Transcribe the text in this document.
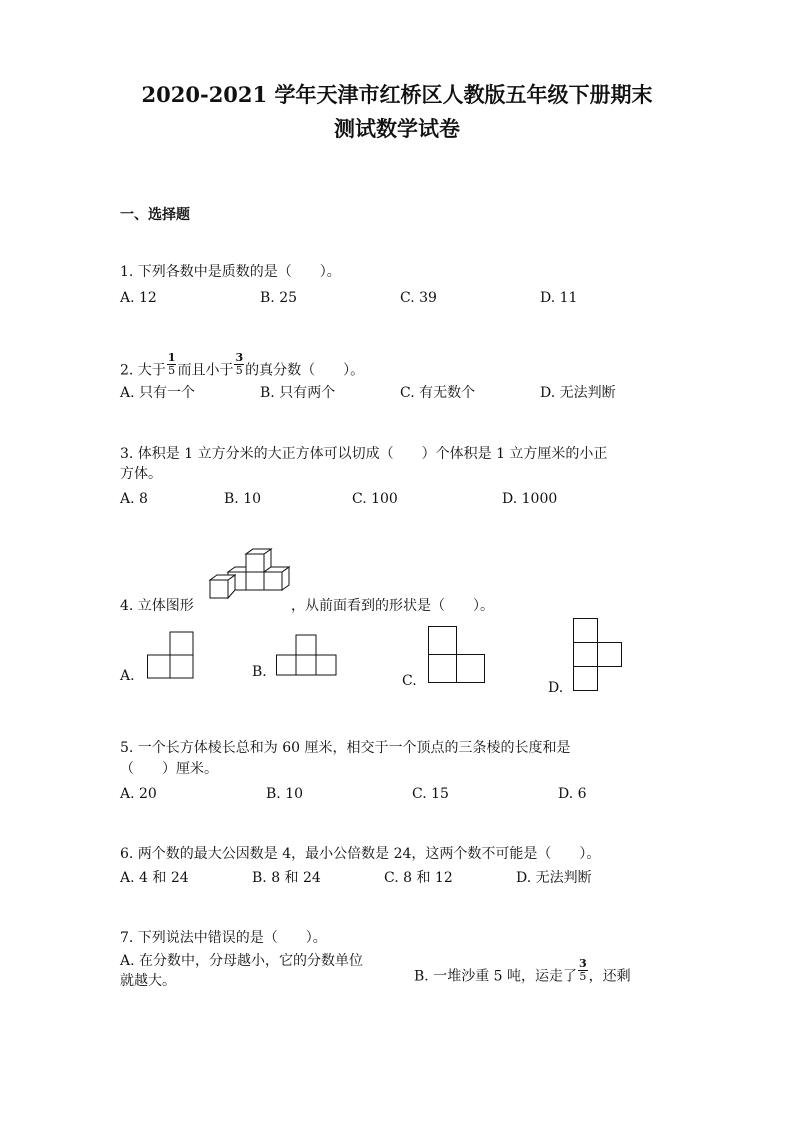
2020-2021 学年天津市红桥区人教版五年级下册期末
测试数学试卷
一、选择题
1. 下列各数中是质数的是（　　）。
A. 12	B. 25	C. 39	D. 11
2. 大于 $\frac{1}{5}$ 而且小于 $\frac{3}{5}$ 的真分数（　　）。
A. 只有一个	B. 只有两个	C. 有无数个	D. 无法判断
3. 体积是 1 立方分米的大正方体可以切成（　　）个体积是 1 立方厘米的小正
方体。
A. 8	B. 10	C. 100	D. 1000
4. 立体图形	，从前面看到的形状是（　　）。
A.	B.
C.	D.
5. 一个长方体棱长总和为 60 厘米，相交于一个顶点的三条棱的长度和是
（　　）厘米。
A. 20	B. 10	C. 15	D. 6
6. 两个数的最大公因数是 4，最小公倍数是 24，这两个数不可能是（　　）。
A. 4 和 24	B. 8 和 24	C. 8 和 12	D. 无法判断
7. 下列说法中错误的是（　　）。
A. 在分数中，分母越小，它的分数单位
就越大。	B. 一堆沙重 5 吨，运走了 $\frac{3}{5}$ ，还剩
